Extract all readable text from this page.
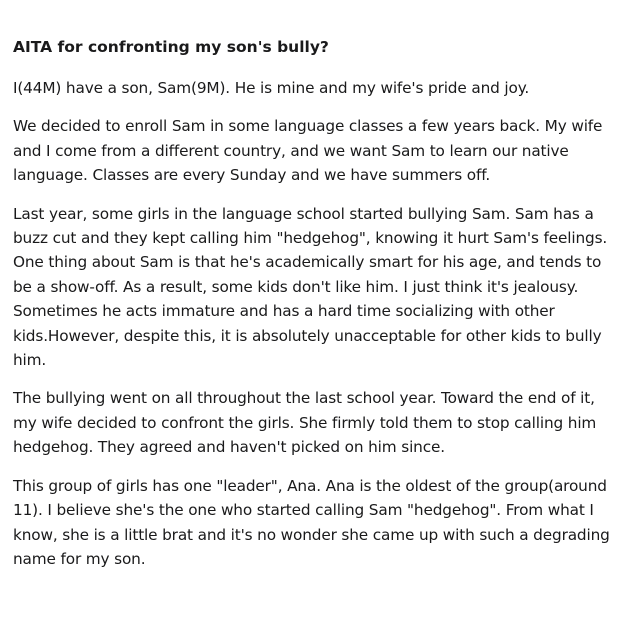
AITA for confronting my son's bully?

I(44M) have a son, Sam(9M). He is mine and my wife's pride and joy.

We decided to enroll Sam in some language classes a few years back. My wife and I come from a different country, and we want Sam to learn our native language. Classes are every Sunday and we have summers off.

Last year, some girls in the language school started bullying Sam. Sam has a buzz cut and they kept calling him "hedgehog", knowing it hurt Sam's feelings. One thing about Sam is that he's academically smart for his age, and tends to be a show-off. As a result, some kids don't like him. I just think it's jealousy. Sometimes he acts immature and has a hard time socializing with other kids.However, despite this, it is absolutely unacceptable for other kids to bully him.

The bullying went on all throughout the last school year. Toward the end of it, my wife decided to confront the girls. She firmly told them to stop calling him hedgehog. They agreed and haven't picked on him since.

This group of girls has one "leader", Ana. Ana is the oldest of the group(around 11). I believe she's the one who started calling Sam "hedgehog". From what I know, she is a little brat and it's no wonder she came up with such a degrading name for my son.
